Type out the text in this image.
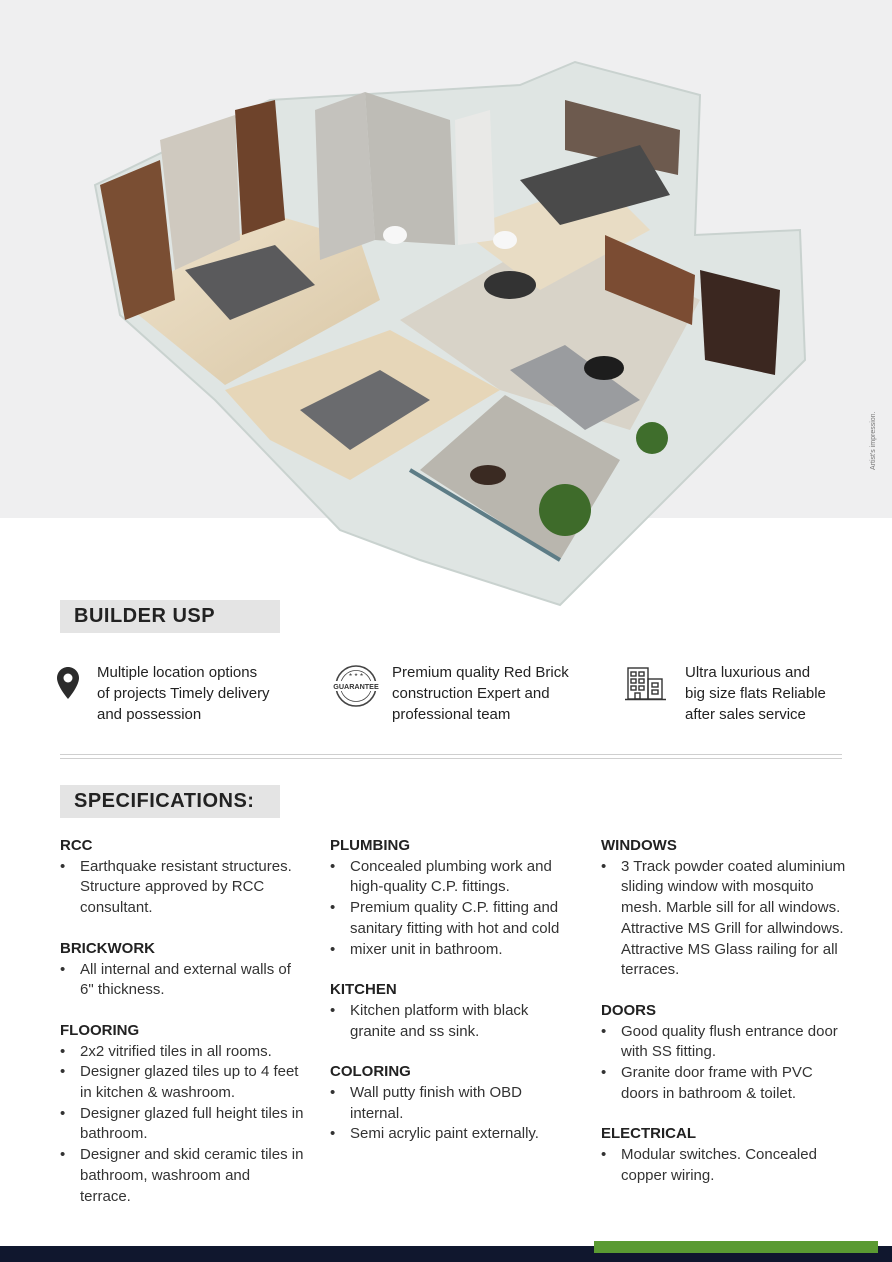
Artist's impression.
BUILDER USP
Multiple location options
of projects Timely delivery
and possession
GUARANTEE
★ ★ ★ Premium quality Red Brick
construction Expert and
professional team
Ultra luxurious and
big size flats Reliable
after sales service
SPECIFICATIONS:
RCC
• Earthquake resistant structures. Structure approved by RCC consultant.
BRICKWORK
• All internal and external walls of 6" thickness.
FLOORING
• 2x2 vitrified tiles in all rooms.
• Designer glazed tiles up to 4 feet in kitchen & washroom.
• Designer glazed full height tiles in bathroom.
• Designer and skid ceramic tiles in bathroom, washroom and terrace.
PLUMBING
• Concealed plumbing work and high-quality C.P. fittings.
• Premium quality C.P. fitting and sanitary fitting with hot and cold
• mixer unit in bathroom.
KITCHEN
• Kitchen platform with black granite and ss sink.
COLORING
• Wall putty finish with OBD internal.
• Semi acrylic paint externally.
WINDOWS
• 3 Track powder coated aluminium sliding window with mosquito mesh. Marble sill for all windows. Attractive MS Grill for allwindows. Attractive MS Glass railing for all terraces.
DOORS
• Good quality flush entrance door with SS fitting.
• Granite door frame with PVC doors in bathroom & toilet.
ELECTRICAL
• Modular switches. Concealed copper wiring.
